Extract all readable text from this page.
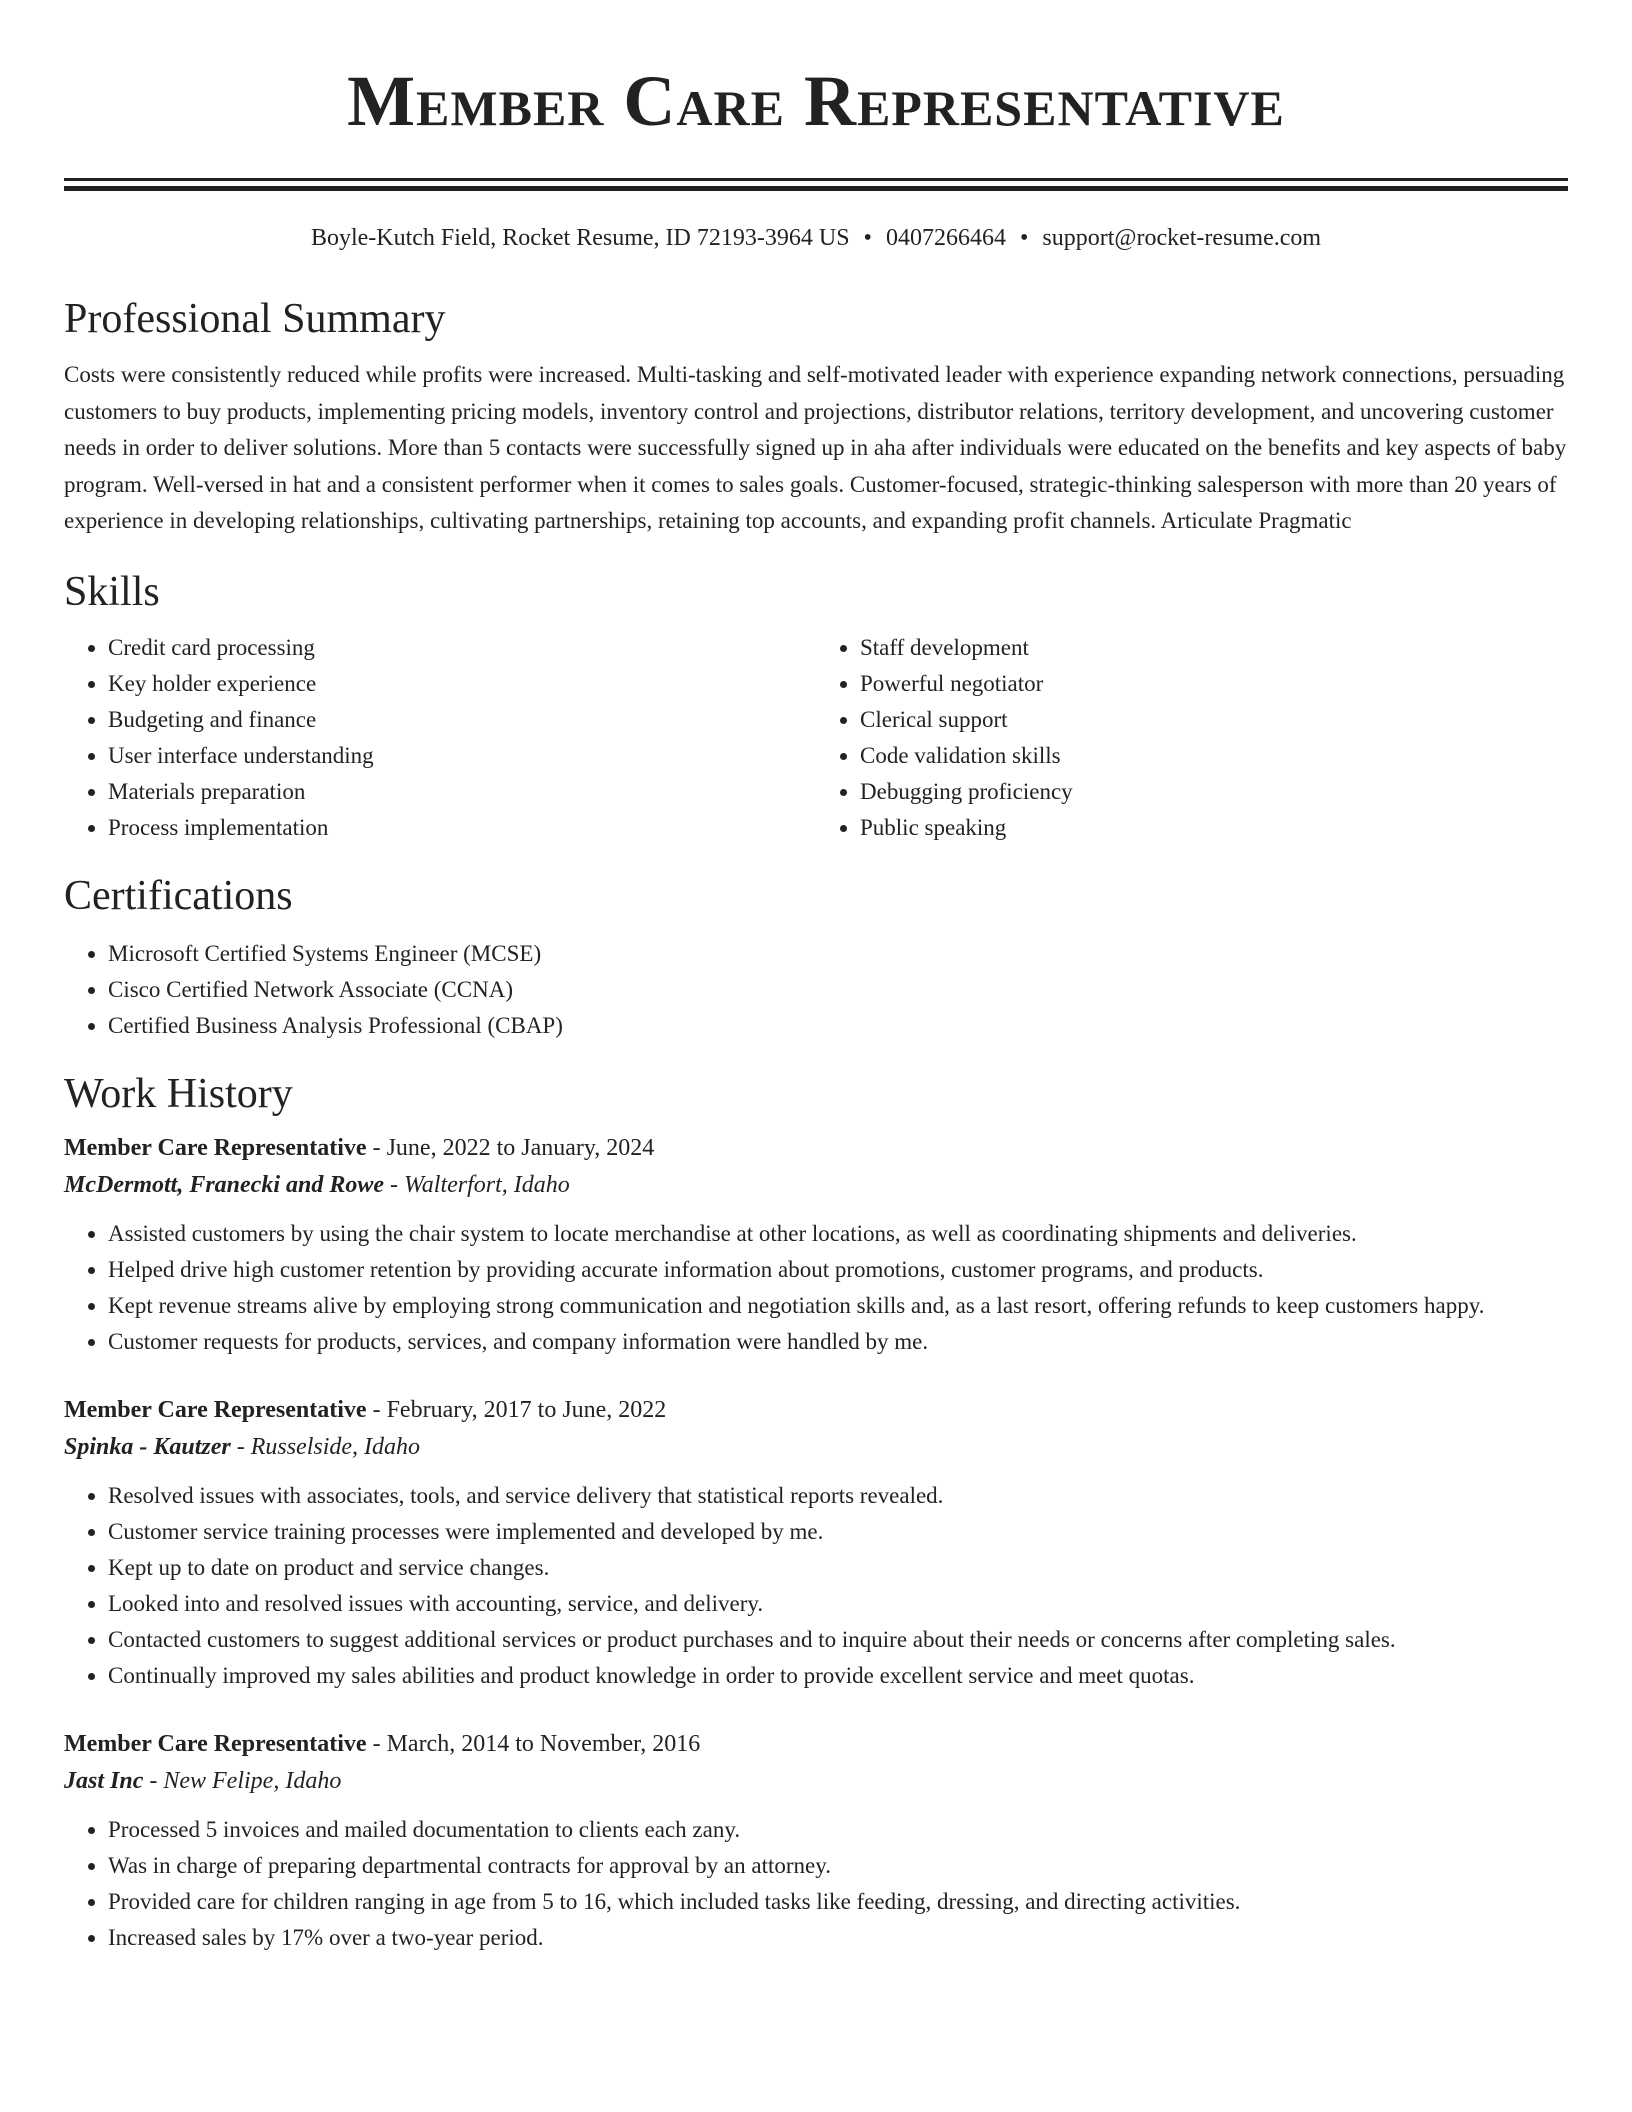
Member Care Representative
Boyle-Kutch Field, Rocket Resume, ID 72193-3964 US • 0407266464 • support@rocket-resume.com
Professional Summary

Costs were consistently reduced while profits were increased. Multi-tasking and self-motivated leader with experience expanding network connections, persuading customers to buy products, implementing pricing models, inventory control and projections, distributor relations, territory development, and uncovering customer needs in order to deliver solutions. More than 5 contacts were successfully signed up in aha after individuals were educated on the benefits and key aspects of baby program. Well-versed in hat and a consistent performer when it comes to sales goals. Customer-focused, strategic-thinking salesperson with more than 20 years of experience in developing relationships, cultivating partnerships, retaining top accounts, and expanding profit channels. Articulate Pragmatic

Skills
• Credit card processing
• Key holder experience
• Budgeting and finance
• User interface understanding
• Materials preparation
• Process implementation
• Staff development
• Powerful negotiator
• Clerical support
• Code validation skills
• Debugging proficiency
• Public speaking
Certifications
• Microsoft Certified Systems Engineer (MCSE)
• Cisco Certified Network Associate (CCNA)
• Certified Business Analysis Professional (CBAP)
Work History
Member Care Representative - June, 2022 to January, 2024
McDermott, Franecki and Rowe - Walterfort, Idaho
• Assisted customers by using the chair system to locate merchandise at other locations, as well as coordinating shipments and deliveries.
• Helped drive high customer retention by providing accurate information about promotions, customer programs, and products.
• Kept revenue streams alive by employing strong communication and negotiation skills and, as a last resort, offering refunds to keep customers happy.
• Customer requests for products, services, and company information were handled by me.
Member Care Representative - February, 2017 to June, 2022
Spinka - Kautzer - Russelside, Idaho
• Resolved issues with associates, tools, and service delivery that statistical reports revealed.
• Customer service training processes were implemented and developed by me.
• Kept up to date on product and service changes.
• Looked into and resolved issues with accounting, service, and delivery.
• Contacted customers to suggest additional services or product purchases and to inquire about their needs or concerns after completing sales.
• Continually improved my sales abilities and product knowledge in order to provide excellent service and meet quotas.
Member Care Representative - March, 2014 to November, 2016
Jast Inc - New Felipe, Idaho
• Processed 5 invoices and mailed documentation to clients each zany.
• Was in charge of preparing departmental contracts for approval by an attorney.
• Provided care for children ranging in age from 5 to 16, which included tasks like feeding, dressing, and directing activities.
• Increased sales by 17% over a two-year period.
